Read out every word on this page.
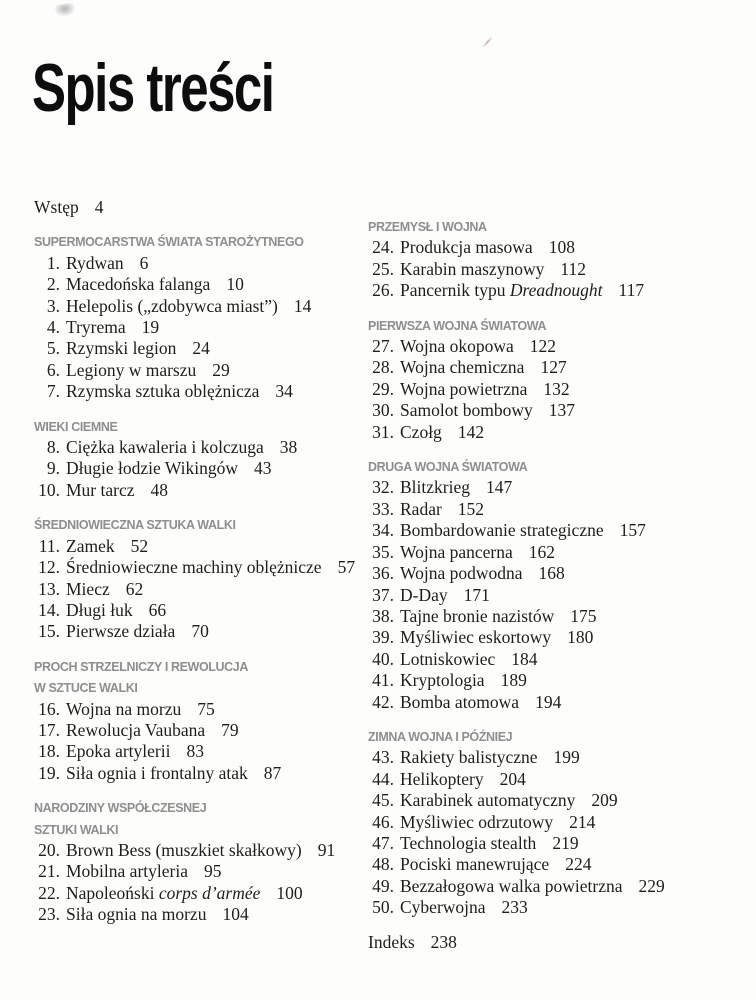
Spis treści
Wstęp 4
SUPERMOCARSTWA ŚWIATA STAROŻYTNEGO
1. Rydwan 6
2. Macedońska falanga 10
3. Helepolis („zdobywca miast”) 14
4. Tryrema 19
5. Rzymski legion 24
6. Legiony w marszu 29
7. Rzymska sztuka oblężnicza 34
WIEKI CIEMNE
8. Ciężka kawaleria i kolczuga 38
9. Długie łodzie Wikingów 43
10. Mur tarcz 48
ŚREDNIOWIECZNA SZTUKA WALKI
11. Zamek 52
12. Średniowieczne machiny oblężnicze 57
13. Miecz 62
14. Długi łuk 66
15. Pierwsze działa 70
PROCH STRZELNICZY I REWOLUCJA
W SZTUCE WALKI
16. Wojna na morzu 75
17. Rewolucja Vaubana 79
18. Epoka artylerii 83
19. Siła ognia i frontalny atak 87
NARODZINY WSPÓŁCZESNEJ
SZTUKI WALKI
20. Brown Bess (muszkiet skałkowy) 91
21. Mobilna artyleria 95
22. Napoleoński corps d’armée 100
23. Siła ognia na morzu 104
PRZEMYSŁ I WOJNA
24. Produkcja masowa 108
25. Karabin maszynowy 112
26. Pancernik typu Dreadnought 117
PIERWSZA WOJNA ŚWIATOWA
27. Wojna okopowa 122
28. Wojna chemiczna 127
29. Wojna powietrzna 132
30. Samolot bombowy 137
31. Czołg 142
DRUGA WOJNA ŚWIATOWA
32. Blitzkrieg 147
33. Radar 152
34. Bombardowanie strategiczne 157
35. Wojna pancerna 162
36. Wojna podwodna 168
37. D-Day 171
38. Tajne bronie nazistów 175
39. Myśliwiec eskortowy 180
40. Lotniskowiec 184
41. Kryptologia 189
42. Bomba atomowa 194
ZIMNA WOJNA I PÓŹNIEJ
43. Rakiety balistyczne 199
44. Helikoptery 204
45. Karabinek automatyczny 209
46. Myśliwiec odrzutowy 214
47. Technologia stealth 219
48. Pociski manewrujące 224
49. Bezzałogowa walka powietrzna 229
50. Cyberwojna 233
Indeks 238
